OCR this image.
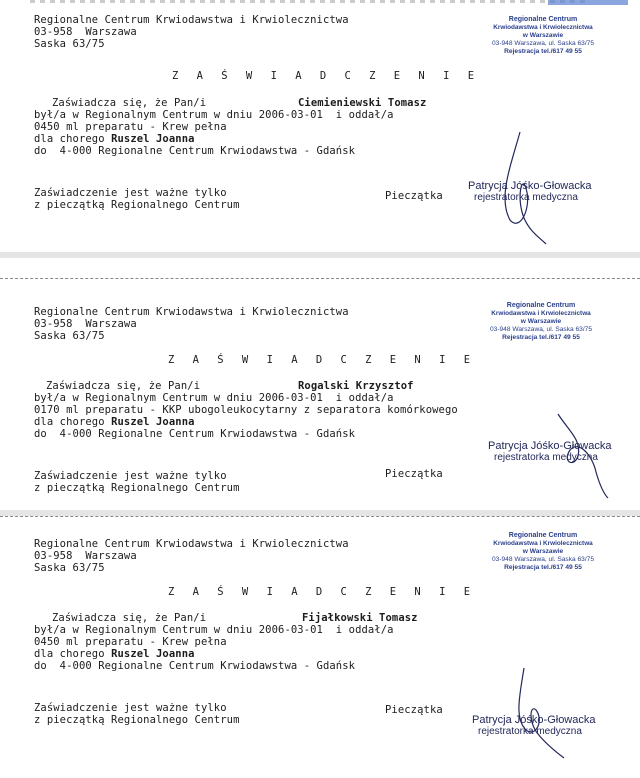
Regionalne Centrum Krwiodawstwa i Krwiolecznictwa
03-958  Warszawa
Saska 63/75
Z A Ś W I A D C Z E N I E
Zaświadcza się, że Pan/i	Ciemieniewski Tomasz
był/a w Regionalnym Centrum w dniu 2006-03-01  i oddał/a
0450 ml preparatu - Krew pełna
dla chorego Ruszel Joanna
do  4-000 Regionalne Centrum Krwiodawstwa - Gdańsk
Zaświadczenie jest ważne tylko
z pieczątką Regionalnego Centrum
Pieczątka
Regionalne Centrum
Krwiodawstwa i Krwiolecznictwa
w Warszawie
03-948 Warszawa, ul. Saska 63/75
Rejestracja tel./617 49 55
Patrycja Jóśko-Głowacka
rejestratorka medyczna
Regionalne Centrum Krwiodawstwa i Krwiolecznictwa
03-958  Warszawa
Saska 63/75
Z A Ś W I A D C Z E N I E
Zaświadcza się, że Pan/i	Rogalski Krzysztof
był/a w Regionalnym Centrum w dniu 2006-03-01  i oddał/a
0170 ml preparatu - KKP ubogoleukocytarny z separatora komórkowego
dla chorego Ruszel Joanna
do  4-000 Regionalne Centrum Krwiodawstwa - Gdańsk
Zaświadczenie jest ważne tylko
z pieczątką Regionalnego Centrum
Pieczątka
Regionalne Centrum
Krwiodawstwa i Krwiolecznictwa
w Warszawie
03-948 Warszawa, ul. Saska 63/75
Rejestracja tel./617 49 55
Patrycja Jóśko-Głowacka
rejestratorka medyczna
Regionalne Centrum Krwiodawstwa i Krwiolecznictwa
03-958  Warszawa
Saska 63/75
Z A Ś W I A D C Z E N I E
Zaświadcza się, że Pan/i	Fijałkowski Tomasz
był/a w Regionalnym Centrum w dniu 2006-03-01  i oddał/a
0450 ml preparatu - Krew pełna
dla chorego Ruszel Joanna
do  4-000 Regionalne Centrum Krwiodawstwa - Gdańsk
Zaświadczenie jest ważne tylko
z pieczątką Regionalnego Centrum
Pieczątka
Regionalne Centrum
Krwiodawstwa i Krwiolecznictwa
w Warszawie
03-948 Warszawa, ul. Saska 63/75
Rejestracja tel./617 49 55
Patrycja Jóśko-Głowacka
rejestratorka medyczna
